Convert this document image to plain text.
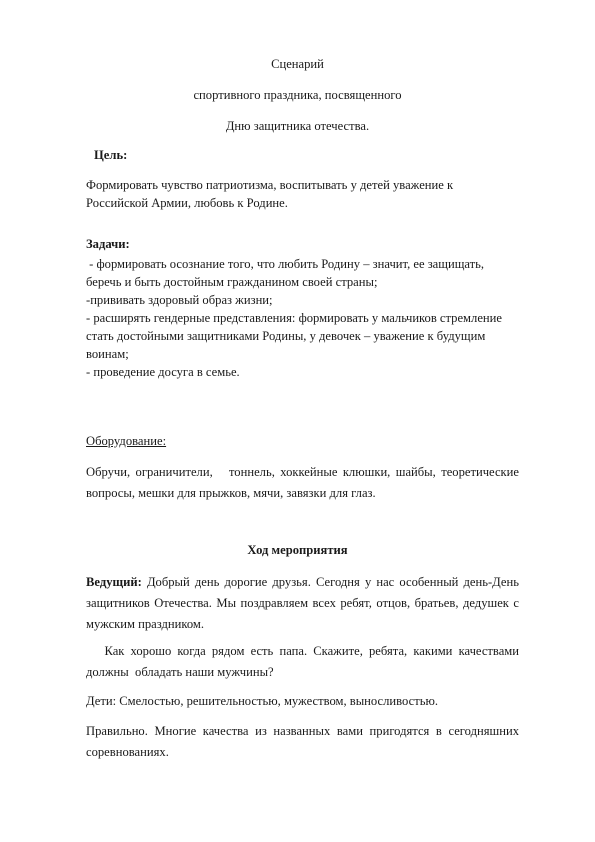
Сценарий
спортивного праздника, посвященного
Дню защитника отечества.
Цель:
Формировать чувство патриотизма, воспитывать у детей уважение к
Российской Армии, любовь к Родине.
Задачи:
- формировать осознание того, что любить Родину – значит, ее защищать,
беречь и быть достойным гражданином своей страны;
-прививать здоровый образ жизни;
- расширять гендерные представления: формировать у мальчиков стремление
стать достойными защитниками Родины, у девочек – уважение к будущим
воинам;
- проведение досуга в семье.
Оборудование:
Обручи, ограничители,   тоннель, хоккейные клюшки, шайбы, теоретические
вопросы, мешки для прыжков, мячи, завязки для глаз.
Ход мероприятия
Ведущий: Добрый день дорогие друзья. Сегодня у нас особенный день-День
защитников Отечества. Мы поздравляем всех ребят, отцов, братьев, дедушек с
мужским праздником.
Как хорошо когда рядом есть папа. Скажите, ребята, какими качествами
должны  обладать наши мужчины?
Дети: Смелостью, решительностью, мужеством, выносливостью.
Правильно. Многие качества из названных вами пригодятся в сегодняшних
соревнованиях.
